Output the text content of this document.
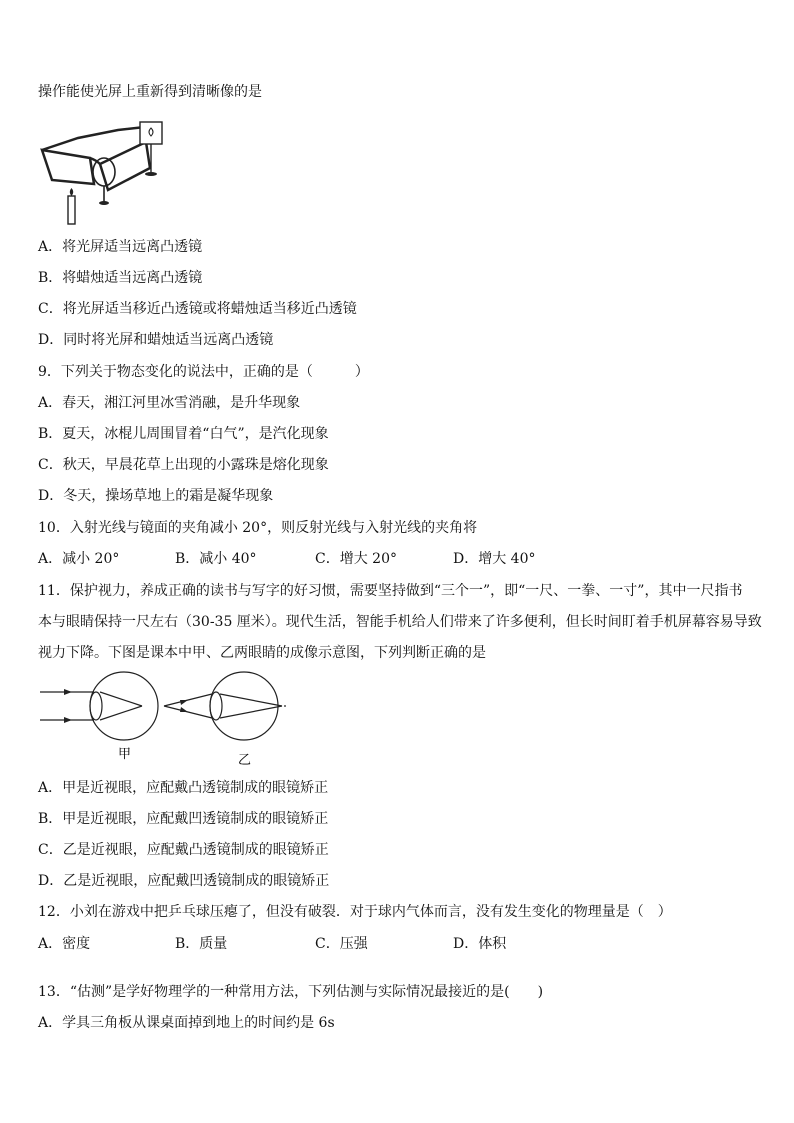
操作能使光屏上重新得到清晰像的是
A．将光屏适当远离凸透镜
B．将蜡烛适当远离凸透镜
C．将光屏适当移近凸透镜或将蜡烛适当移近凸透镜
D．同时将光屏和蜡烛适当远离凸透镜
9．下列关于物态变化的说法中，正确的是（　　　）
A．春天，湘江河里冰雪消融，是升华现象
B．夏天，冰棍儿周围冒着“白气”，是汽化现象
C．秋天，早晨花草上出现的小露珠是熔化现象
D．冬天，操场草地上的霜是凝华现象
10．入射光线与镜面的夹角减小 20°，则反射光线与入射光线的夹角将
A．减小 20°	B．减小 40°	C．增大 20°	D．增大 40°
11．保护视力，养成正确的读书与写字的好习惯，需要坚持做到“三个一”，即“一尺、一拳、一寸”，其中一尺指书
本与眼睛保持一尺左右（30-35 厘米）。现代生活，智能手机给人们带来了许多便利，但长时间盯着手机屏幕容易导致
视力下降。下图是课本中甲、乙两眼睛的成像示意图，下列判断正确的是
甲	乙
A．甲是近视眼，应配戴凸透镜制成的眼镜矫正
B．甲是近视眼，应配戴凹透镜制成的眼镜矫正
C．乙是近视眼，应配戴凸透镜制成的眼镜矫正
D．乙是近视眼，应配戴凹透镜制成的眼镜矫正
12．小刘在游戏中把乒乓球压瘪了，但没有破裂．对于球内气体而言，没有发生变化的物理量是（　）
A．密度	B．质量	C．压强	D．体积
13．“估测”是学好物理学的一种常用方法，下列估测与实际情况最接近的是(　　)
A．学具三角板从课桌面掉到地上的时间约是 6s
